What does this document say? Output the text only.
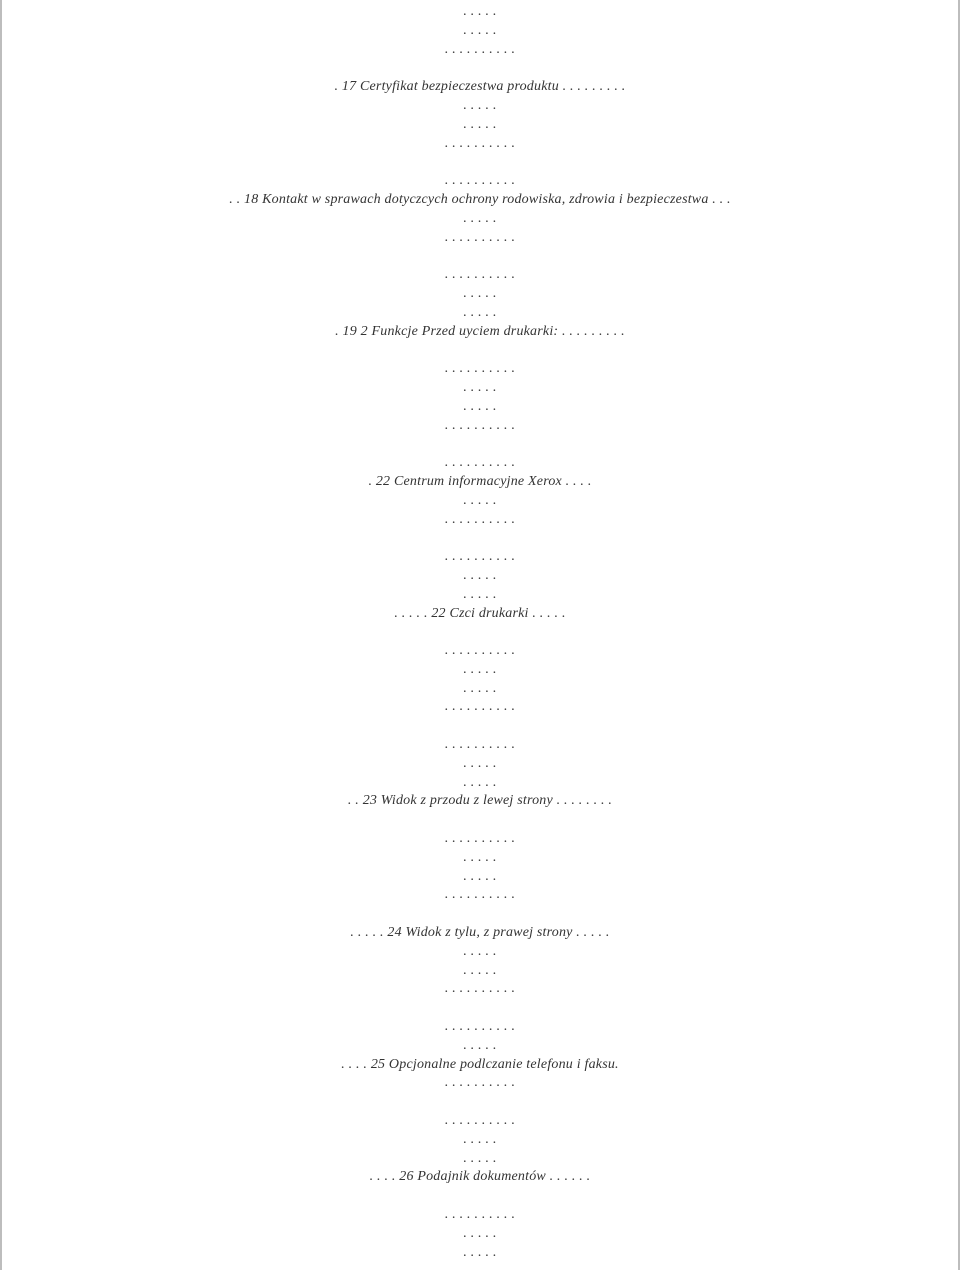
. . . . .
. . . . .
. . . . . . . . . .
. 17 Certyfikat bezpieczestwa produktu . . . . . . . . .
. . . . .
. . . . .
. . . . . . . . . .
. . . . . . . . . .
. . 18 Kontakt w sprawach dotyczcych ochrony rodowiska, zdrowia i bezpieczestwa . . .
. . . . .
. . . . . . . . . .
. . . . . . . . . .
. . . . .
. . . . .
. 19 2 Funkcje Przed uyciem drukarki: . . . . . . . . .
. . . . . . . . . .
. . . . .
. . . . .
. . . . . . . . . .
. . . . . . . . . .
. 22 Centrum informacyjne Xerox . . . .
. . . . .
. . . . . . . . . .
. . . . . . . . . .
. . . . .
. . . . .
. . . . . 22 Czci drukarki . . . . .
. . . . . . . . . .
. . . . .
. . . . .
. . . . . . . . . .
. . . . . . . . . .
. . . . .
. . . . .
. . 23 Widok z przodu z lewej strony . . . . . . . .
. . . . . . . . . .
. . . . .
. . . . .
. . . . . . . . . .
. . . . . 24 Widok z tylu, z prawej strony . . . . .
. . . . .
. . . . .
. . . . . . . . . .
. . . . . . . . . .
. . . . .
. . . . 25 Opcjonalne podlczanie telefonu i faksu.
. . . . . . . . . .
. . . . . . . . . .
. . . . .
. . . . .
. . . . 26 Podajnik dokumentów . . . . . .
. . . . . . . . . .
. . . . .
. . . . .
